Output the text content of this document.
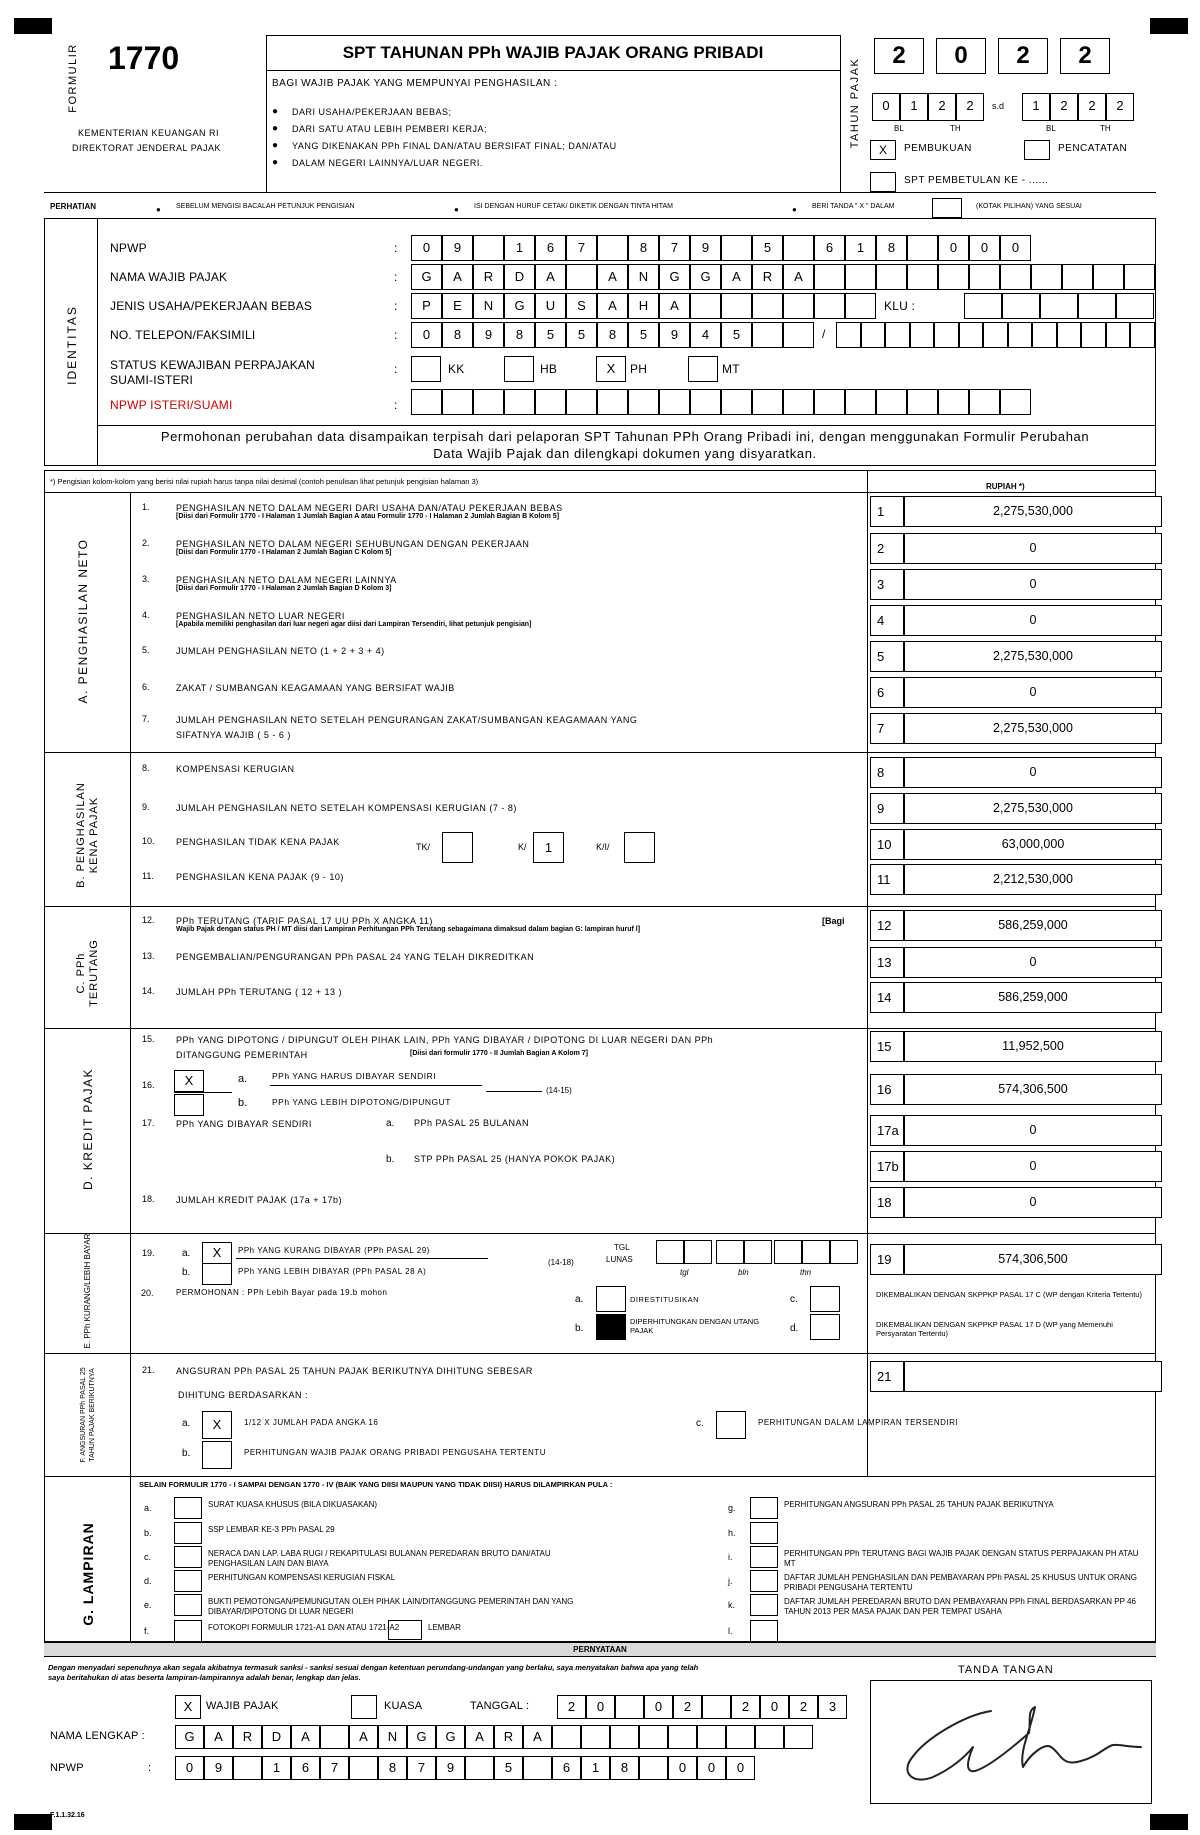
FORMULIR 1770
KEMENTERIAN KEUANGAN RI
DIREKTORAT JENDERAL PAJAK
SPT TAHUNAN PPh WAJIB PAJAK ORANG PRIBADI
BAGI WAJIB PAJAK YANG MEMPUNYAI PENGHASILAN :
● DARI USAHA/PEKERJAAN BEBAS;
● DARI SATU ATAU LEBIH PEMBERI KERJA;
● YANG DIKENAKAN PPh FINAL DAN/ATAU BERSIFAT FINAL; DAN/ATAU
● DALAM NEGERI LAINNYA/LUAR NEGERI.
TAHUN PAJAK
2	0	2	2
0	1	2	2	s.d	1	2	2	2
BL	TH	BL	TH
X	PEMBUKUAN	PENCATATAN
SPT PEMBETULAN KE - ......
PERHATIAN	● SEBELUM MENGISI BACALAH PETUNJUK PENGISIAN	● ISI DENGAN HURUF CETAK/ DIKETIK DENGAN TINTA HITAM	● BERI TANDA " X " DALAM	(KOTAK PILIHAN) YANG SESUAI
IDENTITAS
NPWP	:	0	9	1	6	7	8	7	9	5	6	1	8	0	0	0
NAMA WAJIB PAJAK	:	G	A	R	D	A	A	N	G	G	A	R	A
JENIS USAHA/PEKERJAAN BEBAS	:	P	E	N	G	U	S	A	H	A	KLU :
NO. TELEPON/FAKSIMILI	:	0	8	9	8	5	5	8	5	9	4	5	/
STATUS KEWAJIBAN PERPAJAKAN
SUAMI-ISTERI
:	KK	HB	X	PH	MT
NPWP ISTERI/SUAMI	:
Permohonan perubahan data disampaikan terpisah dari pelaporan SPT Tahunan PPh Orang Pribadi ini, dengan menggunakan Formulir Perubahan
Data Wajib Pajak dan dilengkapi dokumen yang disyaratkan.
*) Pengisian kolom-kolom yang berisi nilai rupiah harus tanpa nilai desimal (contoh penulisan lihat petunjuk pengisian halaman 3)
RUPIAH *)
A. PENGHASILAN NETO
B. PENGHASILAN KENA PAJAK
C. PPh TERUTANG
D. KREDIT PAJAK
E. PPh KURANG/LEBIH BAYAR
F. ANGSURAN PPh PASAL 25 TAHUN PAJAK BERIKUTNYA
G. LAMPIRAN
1.	PENGHASILAN NETO DALAM NEGERI DARI USAHA DAN/ATAU PEKERJAAN BEBAS
[Diisi dari Formulir 1770 - I Halaman 1 Jumlah Bagian A atau Formulir 1770 - I Halaman 2 Jumlah Bagian B Kolom 5]
2.	PENGHASILAN NETO DALAM NEGERI SEHUBUNGAN DENGAN PEKERJAAN
[Diisi dari Formulir 1770 - I Halaman 2 Jumlah Bagian C Kolom 5]
3.	PENGHASILAN NETO DALAM NEGERI LAINNYA
[Diisi dari Formulir 1770 - I Halaman 2 Jumlah Bagian D Kolom 3]
4.	PENGHASILAN NETO LUAR NEGERI
[Apabila memiliki penghasilan dari luar negeri agar diisi dari Lampiran Tersendiri, lihat petunjuk pengisian]
5.	JUMLAH PENGHASILAN NETO (1 + 2 + 3 + 4)
6.	ZAKAT / SUMBANGAN KEAGAMAAN YANG BERSIFAT WAJIB
7.	JUMLAH PENGHASILAN NETO SETELAH PENGURANGAN ZAKAT/SUMBANGAN KEAGAMAAN YANG
SIFATNYA WAJIB ( 5 - 6 )
8.	KOMPENSASI KERUGIAN
9.	JUMLAH PENGHASILAN NETO SETELAH KOMPENSASI KERUGIAN (7 - 8)
10. PENGHASILAN TIDAK KENA PAJAK
11. PENGHASILAN KENA PAJAK (9 - 10)
12. PPh TERUTANG (TARIF PASAL 17 UU PPh X ANGKA 11)
Wajib Pajak dengan status PH / MT diisi dari Lampiran Perhitungan PPh Terutang sebagaimana dimaksud dalam bagian G: lampiran huruf l]
13. PENGEMBALIAN/PENGURANGAN PPh PASAL 24 YANG TELAH DIKREDITKAN
14. JUMLAH PPh TERUTANG ( 12 + 13 )
15. PPh YANG DIPOTONG / DIPUNGUT OLEH PIHAK LAIN, PPh YANG DIBAYAR / DIPOTONG DI LUAR NEGERI DAN PPh
DITANGGUNG PEMERINTAH	[Diisi dari formulir 1770 - II Jumlah Bagian A Kolom 7]
16.
17. PPh YANG DIBAYAR SENDIRI
18. JUMLAH KREDIT PAJAK (17a + 17b)
19.
21. ANGSURAN PPh PASAL 25 TAHUN PAJAK BERIKUTNYA DIHITUNG SEBESAR
1	2,275,530,000
2	0
3	0
4	0
5	2,275,530,000
6	0
7	2,275,530,000
8	0
9	2,275,530,000
10	63,000,000
11	2,212,530,000
12	586,259,000
13	0
14	586,259,000
15	11,952,500
16	574,306,500
17a	0
17b	0
18	0
19	574,306,500
21
TK/	K/	1	K/I/
[Bagi
X	a.	PPh YANG HARUS DIBAYAR SENDIRI
b.	PPh YANG LEBIH DIPOTONG/DIPUNGUT
(14-15)
a. PPh PASAL 25 BULANAN
b. STP PPh PASAL 25 (HANYA POKOK PAJAK)
a.	X	PPh YANG KURANG DIBAYAR (PPh PASAL 29)
b.	PPh YANG LEBIH DIBAYAR (PPh PASAL 28 A)
(14-18)
TGL
LUNAS
tgl	bln	thn
20.	PERMOHONAN : PPh Lebih Bayar pada 19.b mohon
a.	DIRESTITUSIKAN
b.
DIPERHITUNGKAN DENGAN UTANG PAJAK
c.	DIKEMBALIKAN DENGAN SKPPKP PASAL 17 C (WP dengan Kriteria Tertentu)
d.	DIKEMBALIKAN DENGAN SKPPKP PASAL 17 D (WP yang Memenuhi Persyaratan Tertentu)
DIHITUNG BERDASARKAN :
a.	X	1/12 X JUMLAH PADA ANGKA 16
b.	PERHITUNGAN WAJIB PAJAK ORANG PRIBADI PENGUSAHA TERTENTU
c.	PERHITUNGAN DALAM LAMPIRAN TERSENDIRI
SELAIN FORMULIR 1770 - I SAMPAI DENGAN 1770 - IV (BAIK YANG DIISI MAUPUN YANG TIDAK DIISI) HARUS DILAMPIRKAN PULA :
a.	SURAT KUASA KHUSUS (BILA DIKUASAKAN)
b.	SSP LEMBAR KE-3 PPh PASAL 29
c.	NERACA DAN LAP. LABA RUGI / REKAPITULASI BULANAN PEREDARAN BRUTO DAN/ATAU PENGHASILAN LAIN DAN BIAYA
d.	PERHITUNGAN KOMPENSASI KERUGIAN FISKAL
e.	BUKTI PEMOTONGAN/PEMUNGUTAN OLEH PIHAK LAIN/DITANGGUNG PEMERINTAH DAN YANG DIBAYAR/DIPOTONG DI LUAR NEGERI
f.	FOTOKOPI FORMULIR 1721-A1 DAN ATAU 1721-A2	LEMBAR
g.	PERHITUNGAN ANGSURAN PPh PASAL 25 TAHUN PAJAK BERIKUTNYA
h.
i.	PERHITUNGAN PPh TERUTANG BAGI WAJIB PAJAK DENGAN STATUS PERPAJAKAN PH ATAU MT
j.	DAFTAR JUMLAH PENGHASILAN DAN PEMBAYARAN PPh PASAL 25 KHUSUS UNTUK ORANG PRIBADI PENGUSAHA TERTENTU
k.	DAFTAR JUMLAH PEREDARAN BRUTO DAN PEMBAYARAN PPh FINAL BERDASARKAN PP 46 TAHUN 2013 PER MASA PAJAK DAN PER TEMPAT USAHA
l.
PERNYATAAN
Dengan menyadari sepenuhnya akan segala akibatnya termasuk sanksi - sanksi sesuai dengan ketentuan perundang-undangan yang berlaku, saya menyatakan bahwa apa yang telah
saya beritahukan di atas beserta lampiran-lampirannya adalah benar, lengkap dan jelas.
TANDA TANGAN
X	WAJIB PAJAK	KUASA	TANGGAL :	2	0	0	2	2	0	2	3
NAMA LENGKAP :	G	A	R	D	A	A	N	G	G	A	R	A
NPWP	:	0	9	1	6	7	8	7	9	5	6	1	8	0	0	0
F.1.1.32.16
